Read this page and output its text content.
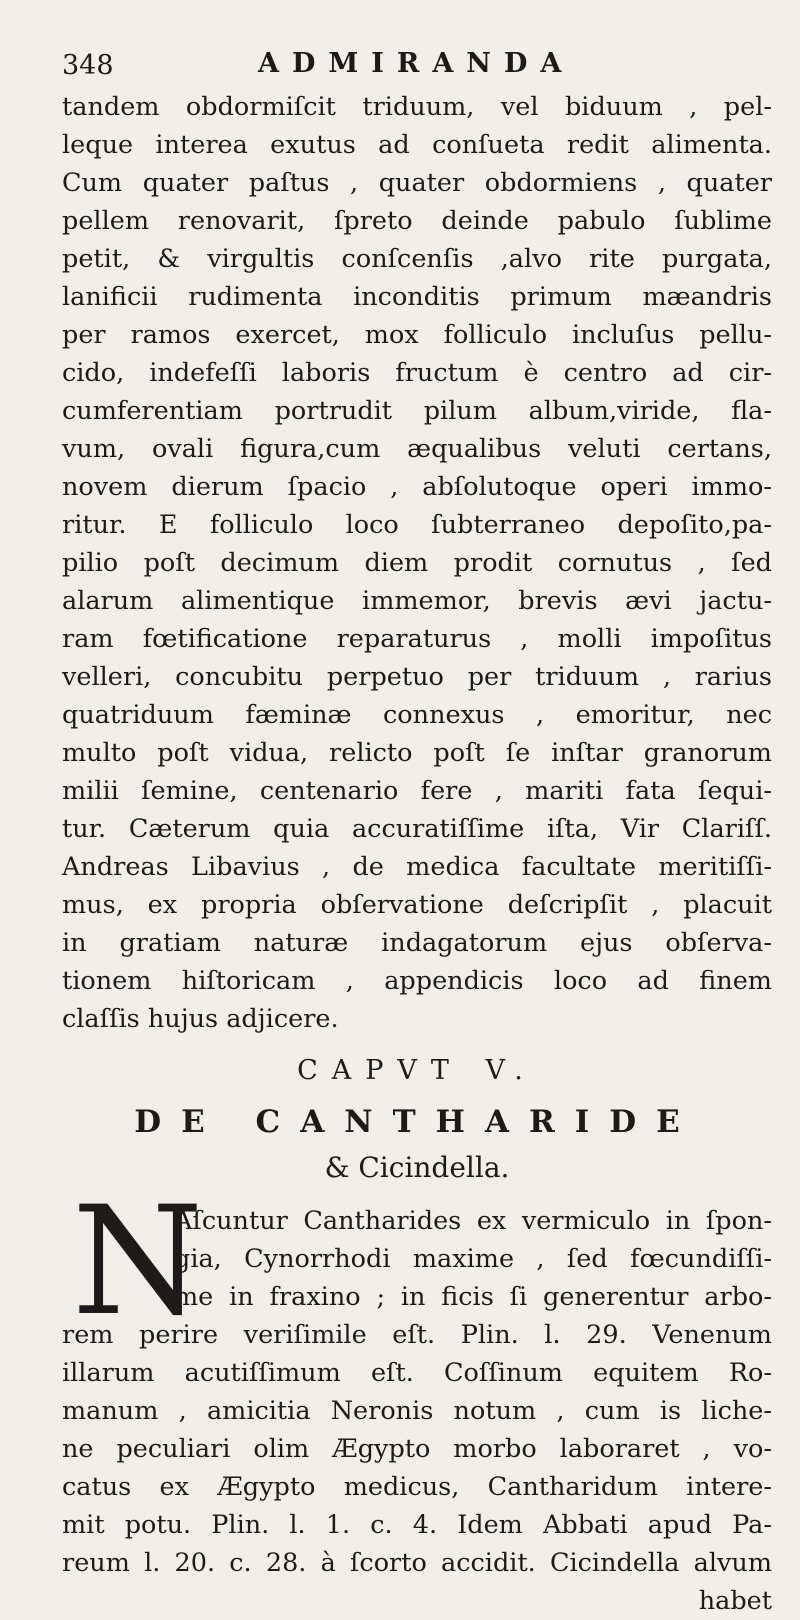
348	ADMIRANDA
tandem obdormiſcit triduum, vel biduum , pel-
leque interea exutus ad conſueta redit alimenta.
Cum quater paſtus , quater obdormiens , quater
pellem renovarit, ſpreto deinde pabulo ſublime
petit, & virgultis conſcenſis ,alvo rite purgata,
lanificii rudimenta inconditis primum mæandris
per ramos exercet, mox folliculo incluſus pellu-
cido, indefeſſi laboris fructum è centro ad cir-
cumferentiam portrudit pilum album,viride, fla-
vum, ovali figura,cum æqualibus veluti certans,
novem dierum ſpacio , abſolutoque operi immo-
ritur. E folliculo loco ſubterraneo depoſito,pa-
pilio poſt decimum diem prodit cornutus , ſed
alarum alimentique immemor, brevis ævi jactu-
ram fœtificatione reparaturus , molli impoſitus
velleri, concubitu perpetuo per triduum , rarius
quatriduum fæminæ connexus , emoritur, nec
multo poſt vidua, relicto poſt ſe inſtar granorum
milii ſemine, centenario fere , mariti fata ſequi-
tur. Cæterum quia accuratiſſime iſta, Vir Clariſſ.
Andreas Libavius , de medica facultate meritiſſi-
mus, ex propria obſervatione deſcripſit , placuit
in gratiam naturæ indagatorum ejus obſerva-
tionem hiſtoricam , appendicis loco ad finem
claſſis hujus adjicere.
CAPVT V.
DE CANTHARIDE
& Cicindella.
N
Aſcuntur Cantharides ex vermiculo in ſpon-
gia, Cynorrhodi maxime , ſed fœcundiſſi-
me in fraxino ; in ficis ſi generentur arbo-
rem perire veriſimile eſt. Plin. l. 29. Venenum
illarum acutiſſimum eſt. Coſſinum equitem Ro-
manum , amicitia Neronis notum , cum is liche-
ne peculiari olim Ægypto morbo laboraret , vo-
catus ex Ægypto medicus, Cantharidum intere-
mit potu. Plin. l. 1. c. 4. Idem Abbati apud Pa-
reum l. 20. c. 28. à ſcorto accidit. Cicindella alvum
habet
